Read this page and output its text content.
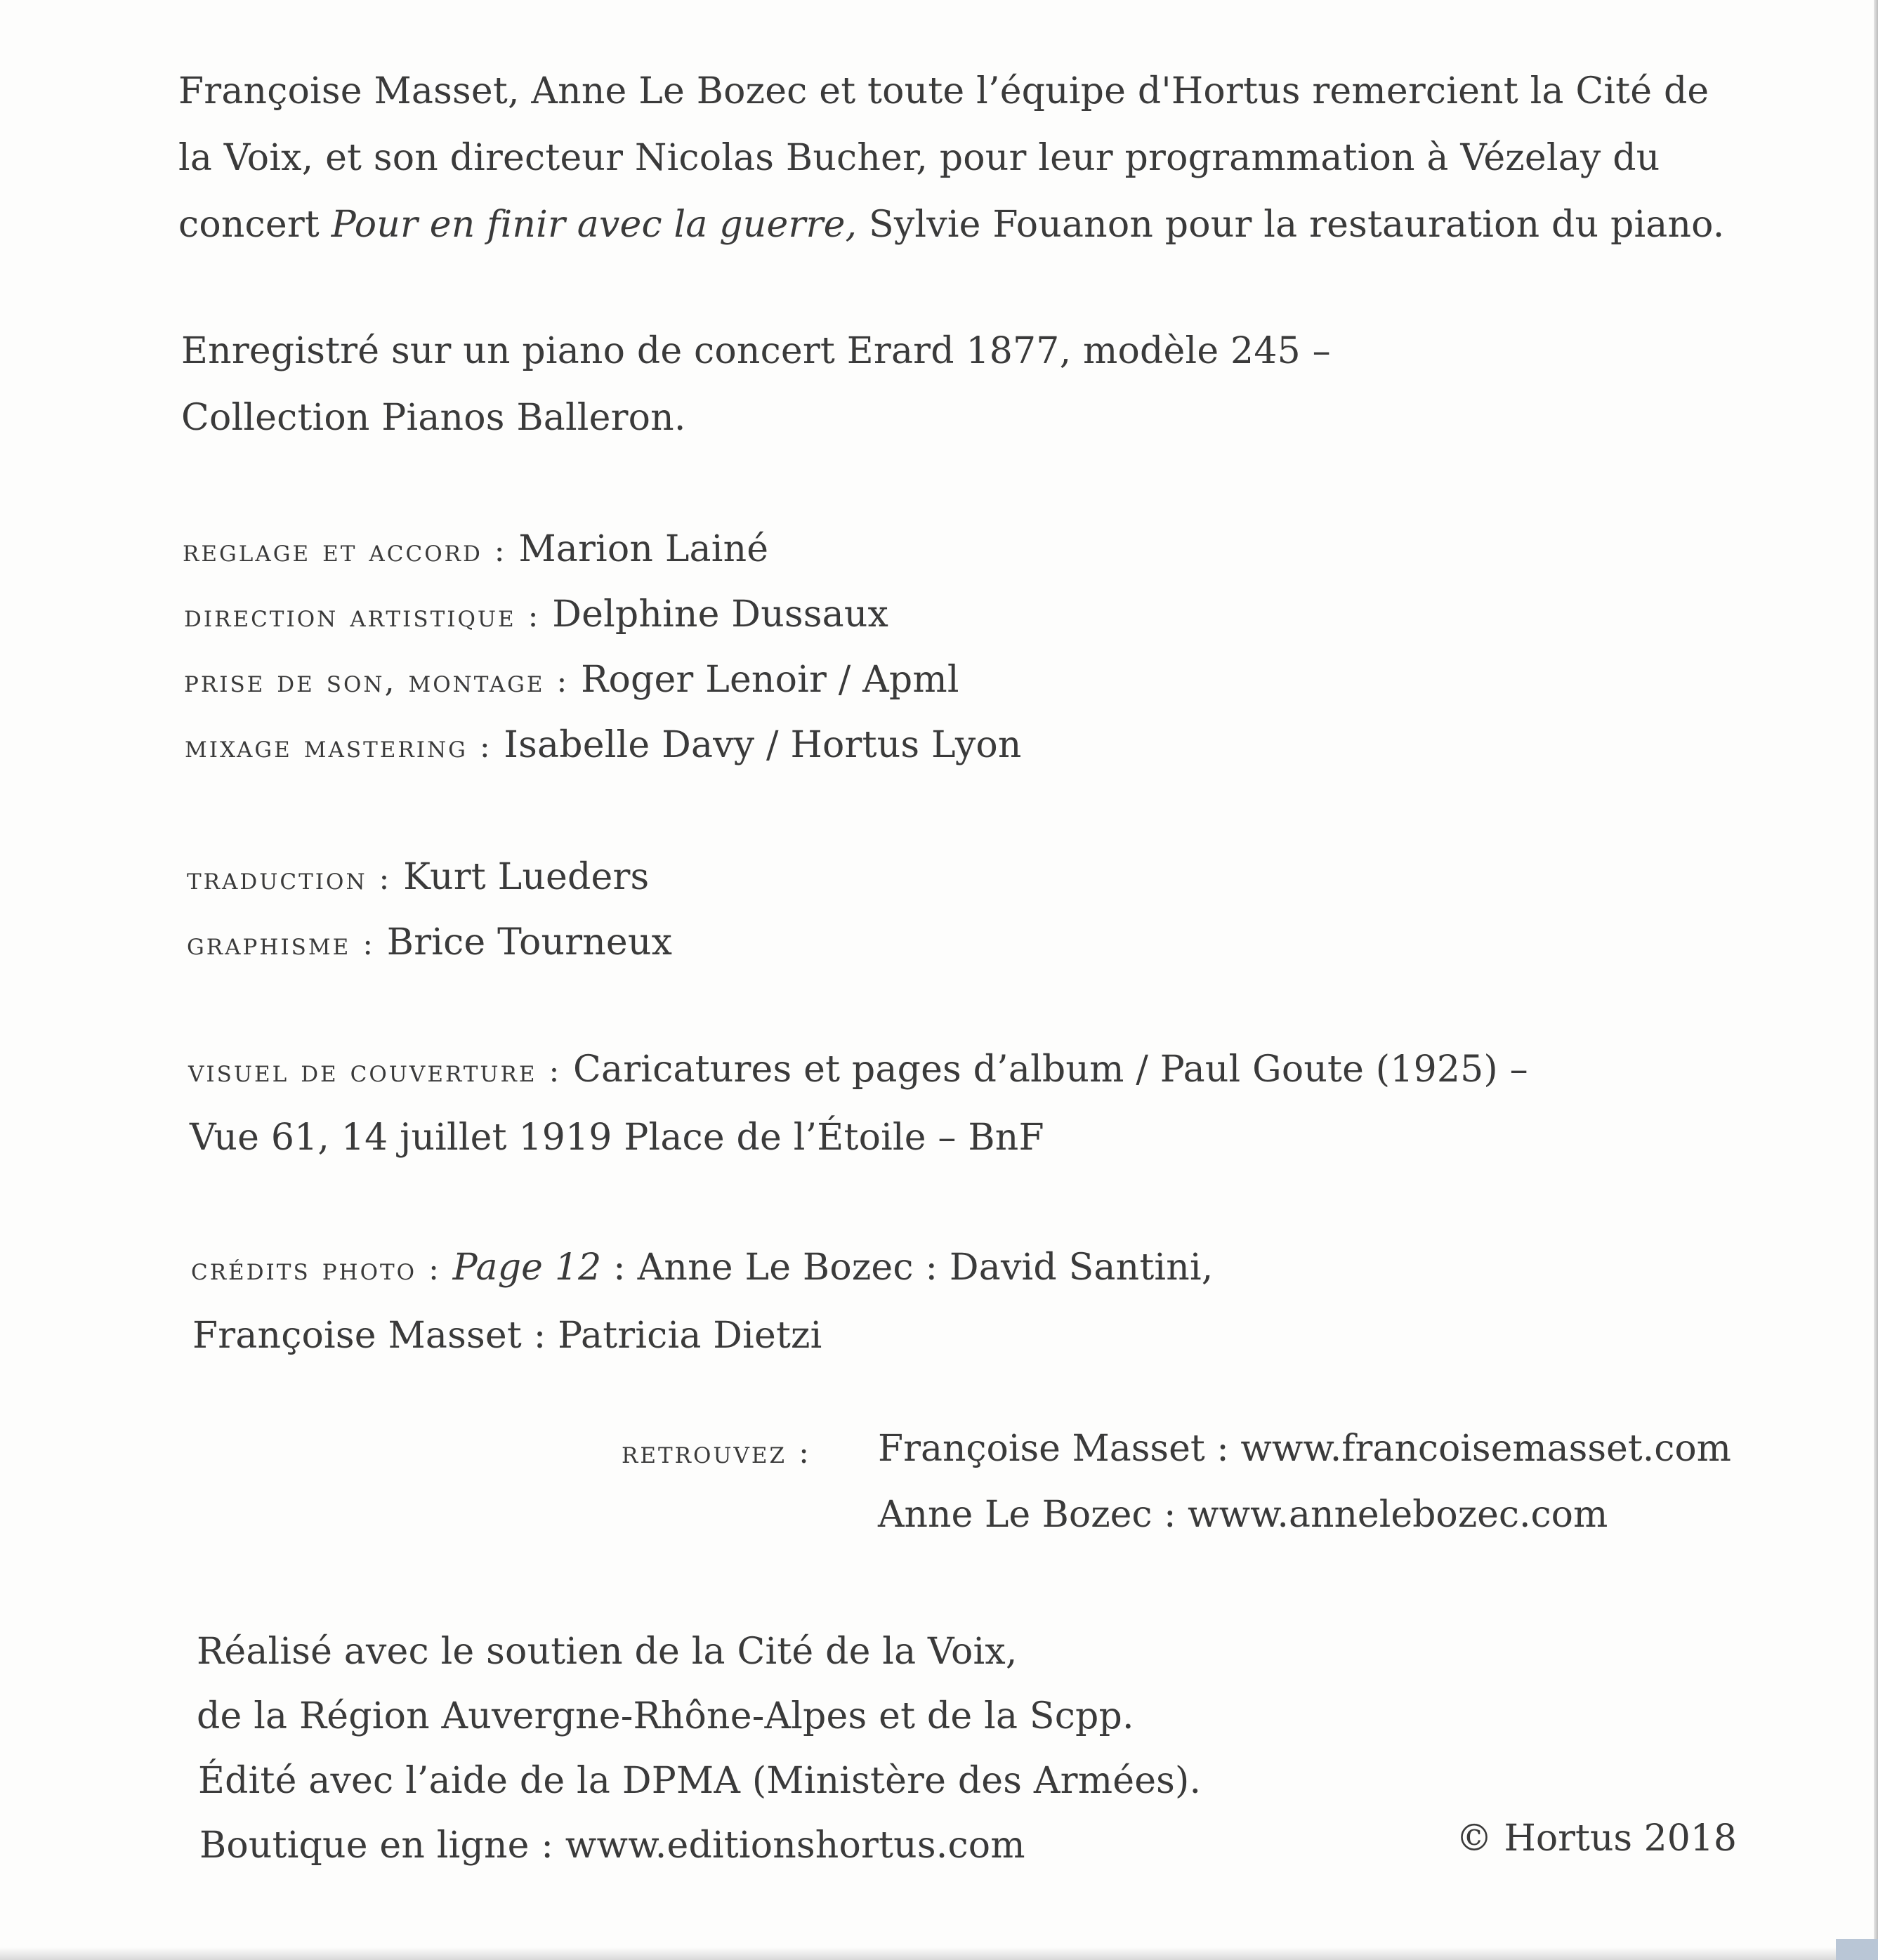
Françoise Masset, Anne Le Bozec et toute l’équipe d'Hortus remercient la Cité de
la Voix, et son directeur Nicolas Bucher, pour leur programmation à Vézelay du
concert Pour en finir avec la guerre, Sylvie Fouanon pour la restauration du piano.
Enregistré sur un piano de concert Erard 1877, modèle 245 –
Collection Pianos Balleron.
reglage et accord : Marion Lainé
direction artistique : Delphine Dussaux
prise de son, montage : Roger Lenoir / Apml
mixage mastering : Isabelle Davy / Hortus Lyon
traduction : Kurt Lueders
graphisme : Brice Tourneux
visuel de couverture : Caricatures et pages d’album / Paul Goute (1925) –
Vue 61, 14 juillet 1919 Place de l’Étoile – BnF
crédits photo : Page 12 : Anne Le Bozec : David Santini,
Françoise Masset : Patricia Dietzi
retrouvez : Françoise Masset : www.francoisemasset.com
Anne Le Bozec : www.annelebozec.com
Réalisé avec le soutien de la Cité de la Voix,
de la Région Auvergne-Rhône-Alpes et de la Scpp.
Édité avec l’aide de la DPMA (Ministère des Armées).
Boutique en ligne : www.editionshortus.com	© Hortus 2018
